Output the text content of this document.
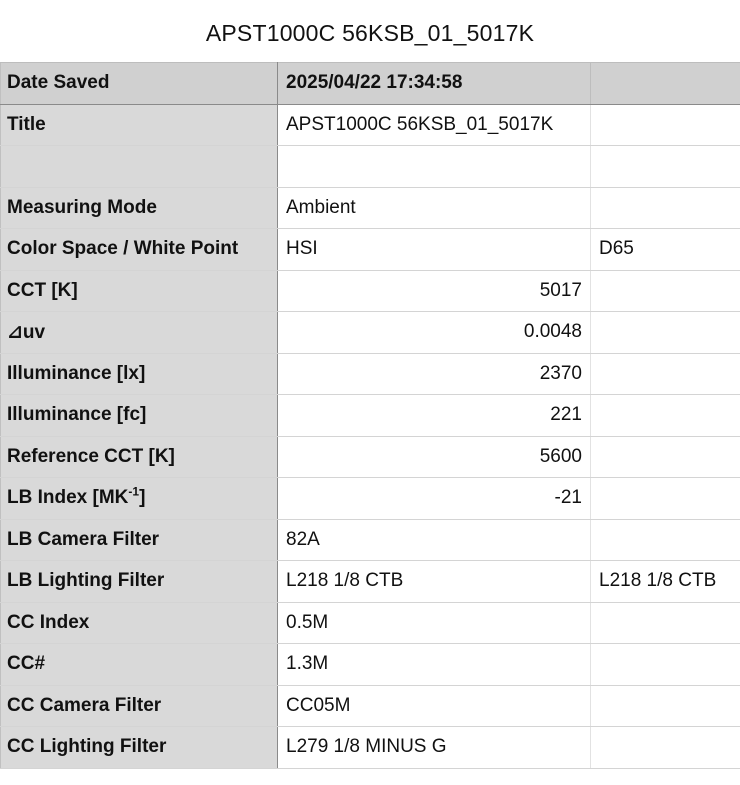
APST1000C 56KSB_01_5017K
Date Saved	2025/04/22 17:34:58	
Title	APST1000C 56KSB_01_5017K	

Measuring Mode	Ambient	
Color Space / White Point	HSI	D65
CCT [K]	5017	
⊿uv	0.0048	
Illuminance [lx]	2370	
Illuminance [fc]	221	
Reference CCT [K]	5600	
LB Index $[MK^{-1}]$	-21	
LB Camera Filter	82A	
LB Lighting Filter	L218 1/8 CTB	L218 1/8 CTB
CC Index	0.5M	
CC#	1.3M	
CC Camera Filter	CC05M	
CC Lighting Filter	L279 1/8 MINUS G	
